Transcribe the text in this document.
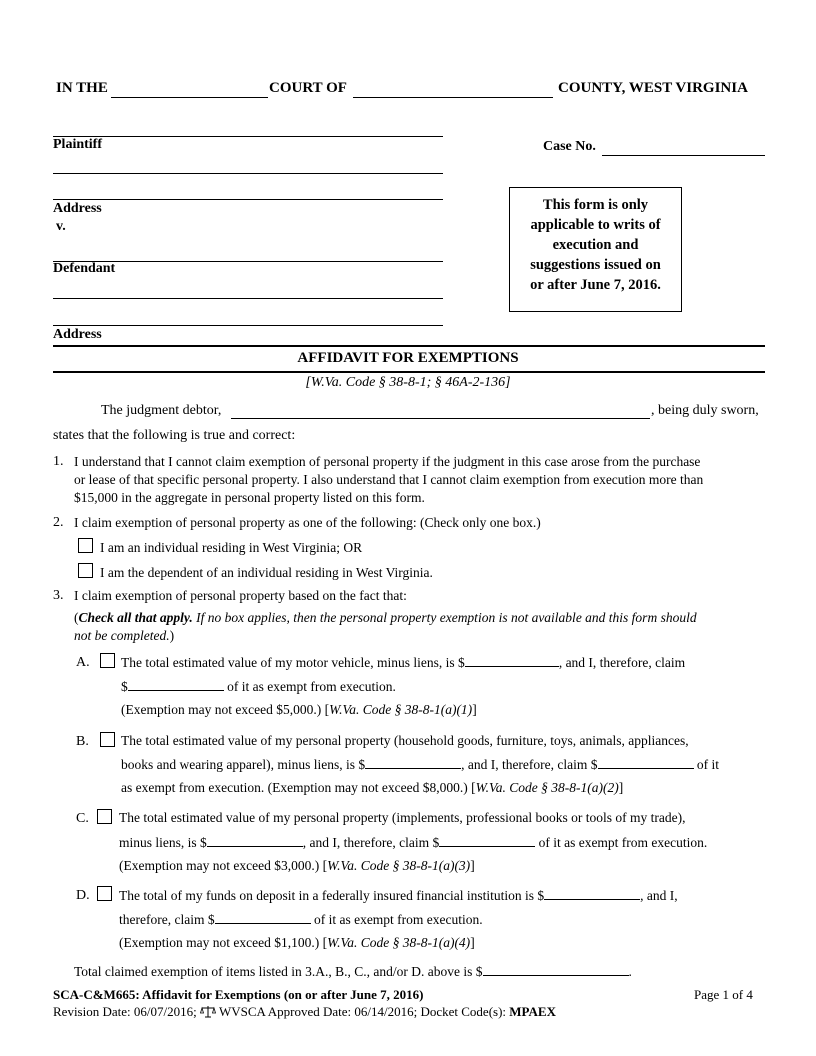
IN THE	COURT OF	COUNTY, WEST VIRGINIA
Plaintiff
Address
v.
Defendant
Address
Case No.
This form is only
applicable to writs of
execution and
suggestions issued on
or after June 7, 2016.
AFFIDAVIT FOR EXEMPTIONS
[W.Va. Code § 38-8-1; § 46A-2-136]
The judgment debtor,	, being duly sworn,
states that the following is true and correct:
1. I understand that I cannot claim exemption of personal property if the judgment in this case arose from the purchase
or lease of that specific personal property. I also understand that I cannot claim exemption from execution more than
$15,000 in the aggregate in personal property listed on this form.
2. I claim exemption of personal property as one of the following: (Check only one box.)
I am an individual residing in West Virginia; OR
I am the dependent of an individual residing in West Virginia.
3. I claim exemption of personal property based on the fact that:
(Check all that apply. If no box applies, then the personal property exemption is not available and this form should
not be completed.)
A. The total estimated value of my motor vehicle, minus liens, is $	, and I, therefore, claim
$	of it as exempt from execution.
(Exemption may not exceed $5,000.) [W.Va. Code § 38-8-1(a)(1)]
B. The total estimated value of my personal property (household goods, furniture, toys, animals, appliances,
books and wearing apparel), minus liens, is $	, and I, therefore, claim $	of it
as exempt from execution. (Exemption may not exceed $8,000.) [W.Va. Code § 38-8-1(a)(2)]
C. The total estimated value of my personal property (implements, professional books or tools of my trade),
minus liens, is $	, and I, therefore, claim $	of it as exempt from execution.
(Exemption may not exceed $3,000.) [W.Va. Code § 38-8-1(a)(3)]
D. The total of my funds on deposit in a federally insured financial institution is $	, and I,
therefore, claim $	of it as exempt from execution.
(Exemption may not exceed $1,100.) [W.Va. Code § 38-8-1(a)(4)]
Total claimed exemption of items listed in 3.A., B., C., and/or D. above is $	.
SCA-C&M665: Affidavit for Exemptions (on or after June 7, 2016)	Page 1 of 4
Revision Date: 06/07/2016;  WVSCA Approved Date: 06/14/2016; Docket Code(s): MPAEX
